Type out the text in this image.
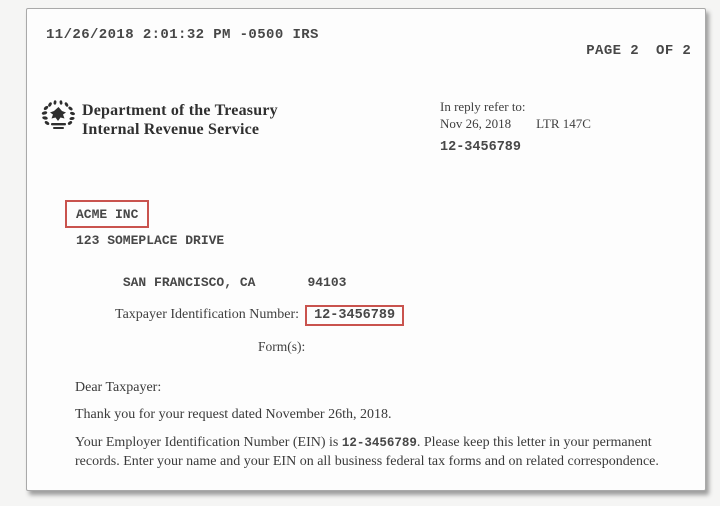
11/26/2018 2:01:32 PM -0500 IRS

PAGE 2 OF 2

Department of the Treasury
Internal Revenue Service
In reply refer to:
Nov 26, 2018 LTR 147C
12-3456789
ACME INC
123 SOMEPLACE DRIVE

SAN FRANCISCO, CA	94103

Taxpayer Identification Number: 12-3456789
Form(s):
Dear Taxpayer:
Thank you for your request dated November 26th, 2018.
Your Employer Identification Number (EIN) is 12-3456789. Please keep this letter in your permanent records. Enter your name and your EIN on all business federal tax forms and on related correspondence.
